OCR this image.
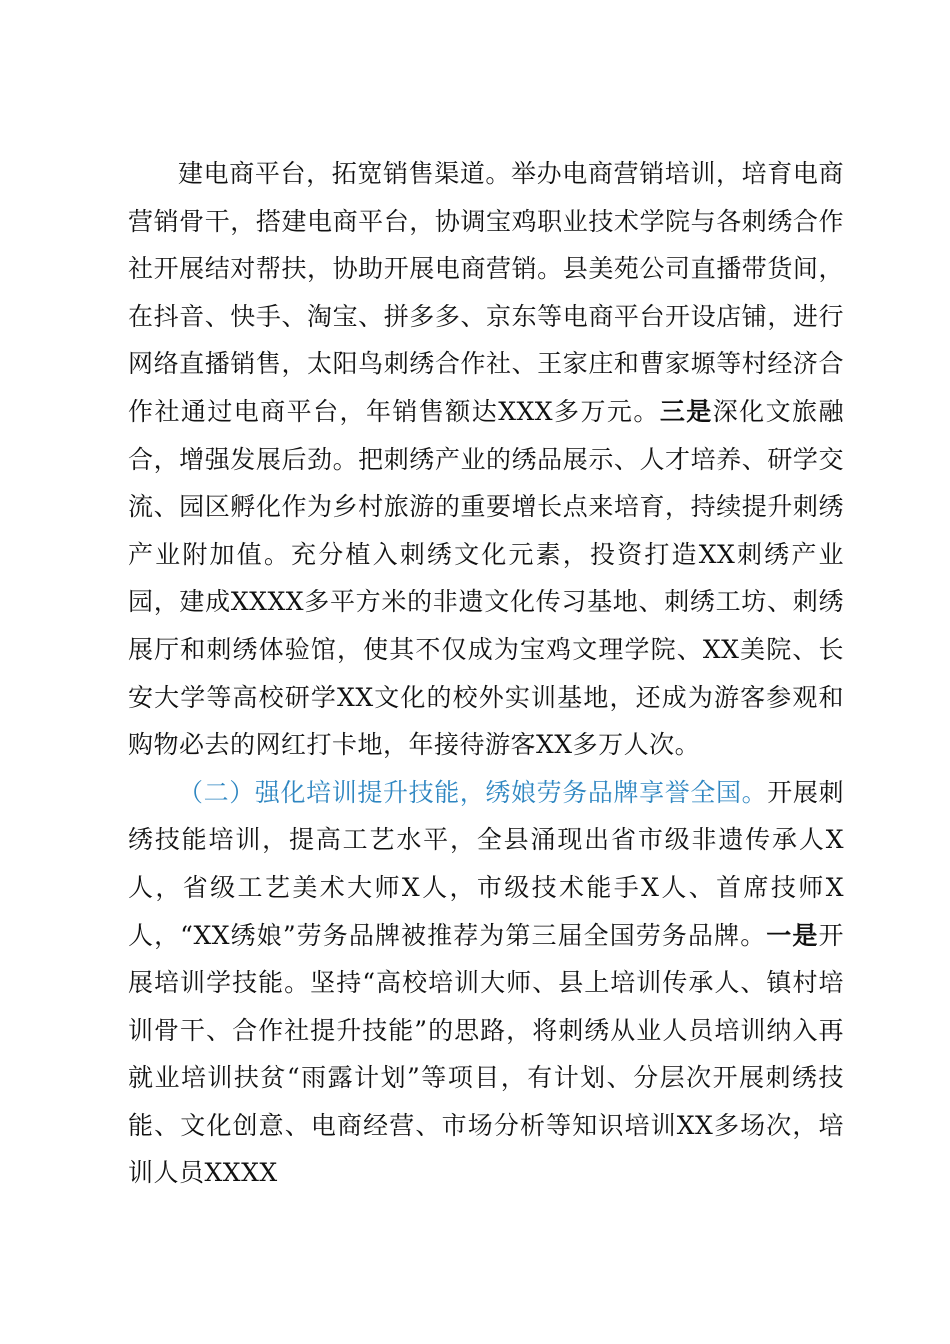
建电商平台，拓宽销售渠道。举办电商营销培训，培育电商营销骨干，搭建电商平台，协调宝鸡职业技术学院与各刺绣合作社开展结对帮扶，协助开展电商营销。县美苑公司直播带货间，在抖音、快手、淘宝、拼多多、京东等电商平台开设店铺，进行网络直播销售，太阳鸟刺绣合作社、王家庄和曹家塬等村经济合作社通过电商平台，年销售额达XXX多万元。三是深化文旅融合，增强发展后劲。把刺绣产业的绣品展示、人才培养、研学交流、园区孵化作为乡村旅游的重要增长点来培育，持续提升刺绣产业附加值。充分植入刺绣文化元素，投资打造XX刺绣产业园，建成XXXX多平方米的非遗文化传习基地、刺绣工坊、刺绣展厅和刺绣体验馆，使其不仅成为宝鸡文理学院、XX美院、长安大学等高校研学XX文化的校外实训基地，还成为游客参观和购物必去的网红打卡地，年接待游客XX多万人次。

（二）强化培训提升技能，绣娘劳务品牌享誉全国。开展刺绣技能培训，提高工艺水平，全县涌现出省市级非遗传承人X人，省级工艺美术大师X人，市级技术能手X人、首席技师X人，“XX绣娘”劳务品牌被推荐为第三届全国劳务品牌。一是开展培训学技能。坚持“高校培训大师、县上培训传承人、镇村培训骨干、合作社提升技能”的思路，将刺绣从业人员培训纳入再就业培训扶贫“雨露计划”等项目，有计划、分层次开展刺绣技能、文化创意、电商经营、市场分析等知识培训XX多场次，培训人员XXXX
